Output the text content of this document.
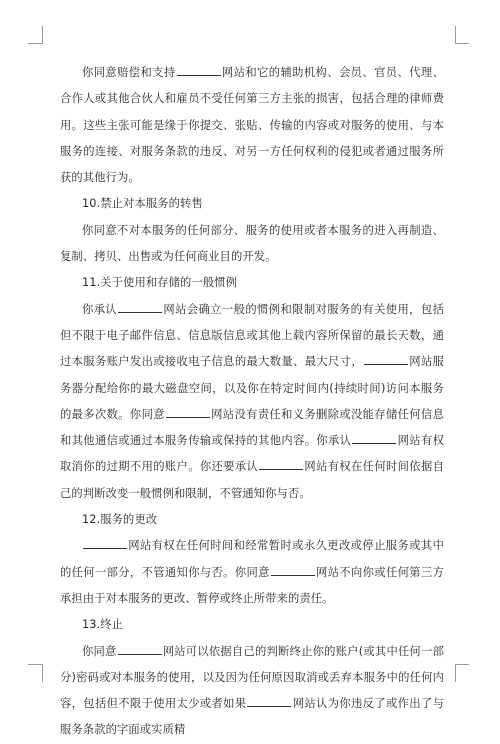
你同意赔偿和支持	网站和它的辅助机构、会员、官员、代理、合作人或其他合伙人和雇员不受任何第三方主张的损害，包括合理的律师费用。这些主张可能是缘于你提交、张贴、传输的内容或对服务的使用、与本服务的连接、对服务条款的违反、对另一方任何权利的侵犯或者通过服务所获的其他行为。

10.禁止对本服务的转售

你同意不对本服务的任何部分、服务的使用或者本服务的进入再制造、复制、拷贝、出售或为任何商业目的开发。

11.关于使用和存储的一般惯例

你承认	网站会确立一般的惯例和限制对服务的有关使用，包括但不限于电子邮件信息、信息版信息或其他上载内容所保留的最长天数，通过本服务账户发出或接收电子信息的最大数量、最大尺寸，	网站服务器分配给你的最大磁盘空间，以及你在特定时间内(持续时间)访问本服务的最多次数。你同意	网站没有责任和义务删除或没能存储任何信息和其他通信或通过本服务传输或保持的其他内容。你承认	网站有权取消你的过期不用的账户。你还要承认	网站有权在任何时间依据自己的判断改变一般惯例和限制，不管通知你与否。

12.服务的更改

网站有权在任何时间和经常暂时或永久更改或停止服务或其中的任何一部分，不管通知你与否。你同意	网站不向你或任何第三方承担由于对本服务的更改、暂停或终止所带来的责任。

13.终止

你同意	网站可以依据自己的判断终止你的账户(或其中任何一部分)密码或对本服务的使用，以及因为任何原因取消或丢弃本服务中的任何内容，包括但不限于使用太少或者如果	网站认为你违反了或作出了与服务条款的字面或实质精
